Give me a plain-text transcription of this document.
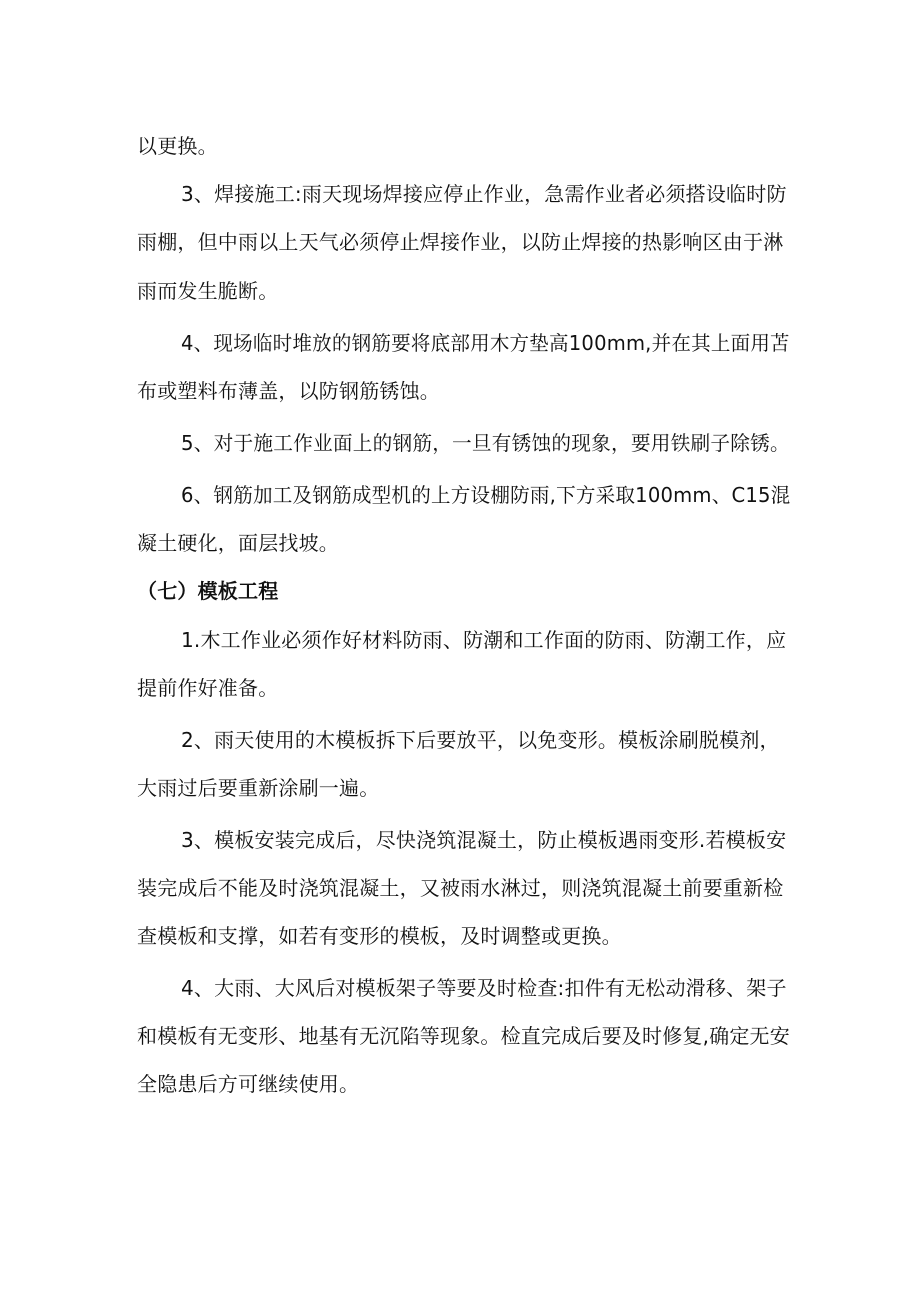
以更换。
3、焊接施工:雨天现场焊接应停止作业，急需作业者必须搭设临时防
雨棚，但中雨以上天气必须停止焊接作业，以防止焊接的热影响区由于淋
雨而发生脆断。
4、现场临时堆放的钢筋要将底部用木方垫高100mm,并在其上面用苫
布或塑料布薄盖，以防钢筋锈蚀。
5、对于施工作业面上的钢筋，一旦有锈蚀的现象，要用铁刷子除锈。
6、钢筋加工及钢筋成型机的上方设棚防雨,下方采取100mm、C15混
凝土硬化，面层找坡。
（七）模板工程
1.木工作业必须作好材料防雨、防潮和工作面的防雨、防潮工作，应
提前作好准备。
2、雨天使用的木模板拆下后要放平，以免变形。模板涂刷脱模剂，
大雨过后要重新涂刷一遍。
3、模板安装完成后，尽快浇筑混凝土，防止模板遇雨变形.若模板安
装完成后不能及时浇筑混凝土，又被雨水淋过，则浇筑混凝土前要重新检
查模板和支撑，如若有变形的模板，及时调整或更换。
4、大雨、大风后对模板架子等要及时检查:扣件有无松动滑移、架子
和模板有无变形、地基有无沉陷等现象。检直完成后要及时修复,确定无安
全隐患后方可继续使用。
